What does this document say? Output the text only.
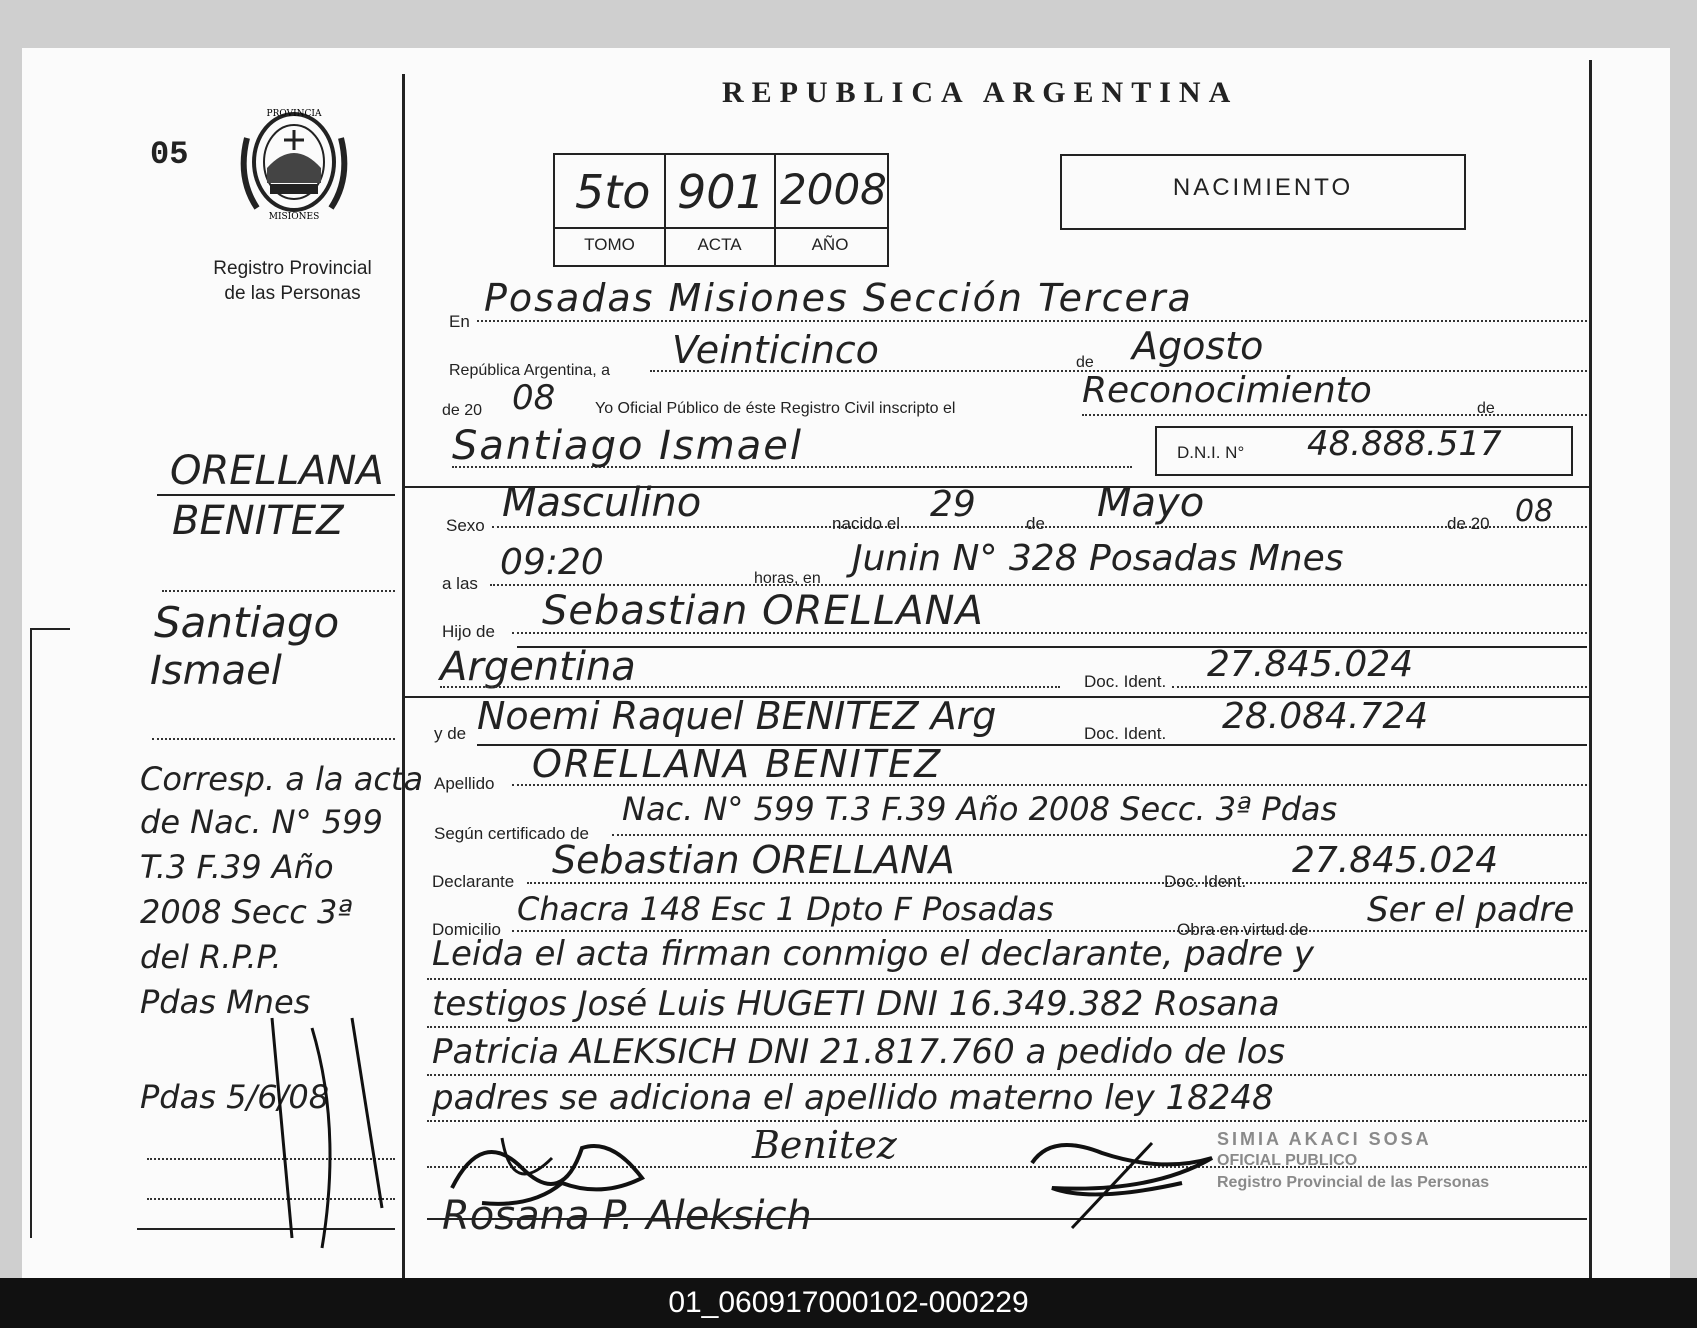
PROVINCIA
MISIONES
05
Registro Provincial
de las Personas
REPUBLICA ARGENTINA
5to 901 2008
TOMO	ACTA	AÑO
NACIMIENTO
ORELLANA
BENITEZ
Santiago
Ismael
Corresp. a la acta
de Nac. N° 599
T.3 F.39 Año
2008 Secc 3ª
del R.P.P.
Pdas Mnes
Pdas 5/6/08
En
Posadas Misiones Sección Tercera
República Argentina, a Veinticinco	de Agosto
de 20 08 Yo Oficial Público de éste Registro Civil inscripto el	Reconocimiento	de
Santiago Ismael	D.N.I. N° 48.888.517
Sexo Masculino	nacido el 29	de Mayo	de 20 08
a las
09:20	horas, en Junin N° 328 Posadas Mnes
Hijo de Sebastian ORELLANA
Argentina	Doc. Ident. 27.845.024
y de Noemi Raquel BENITEZ Arg	Doc. Ident. 28.084.724
Apellido ORELLANA BENITEZ
Según certificado de
Nac. N° 599 T.3 F.39 Año 2008 Secc. 3ª Pdas
Declarante Sebastian ORELLANA	Doc. Ident.
27.845.024
Domicilio
Chacra 148 Esc 1 Dpto F Posadas
Obra en virtud de Ser el padre
Leida el acta firman conmigo el declarante, padre y
testigos José Luis HUGETI DNI 16.349.382 Rosana
Patricia ALEKSICH DNI 21.817.760 a pedido de los
padres se adiciona el apellido materno ley 18248
Benitez
Rosana P. Aleksich
SIMIA AKACI SOSA
OFICIAL PUBLICO
Registro Provincial de las Personas
01_060917000102-000229
